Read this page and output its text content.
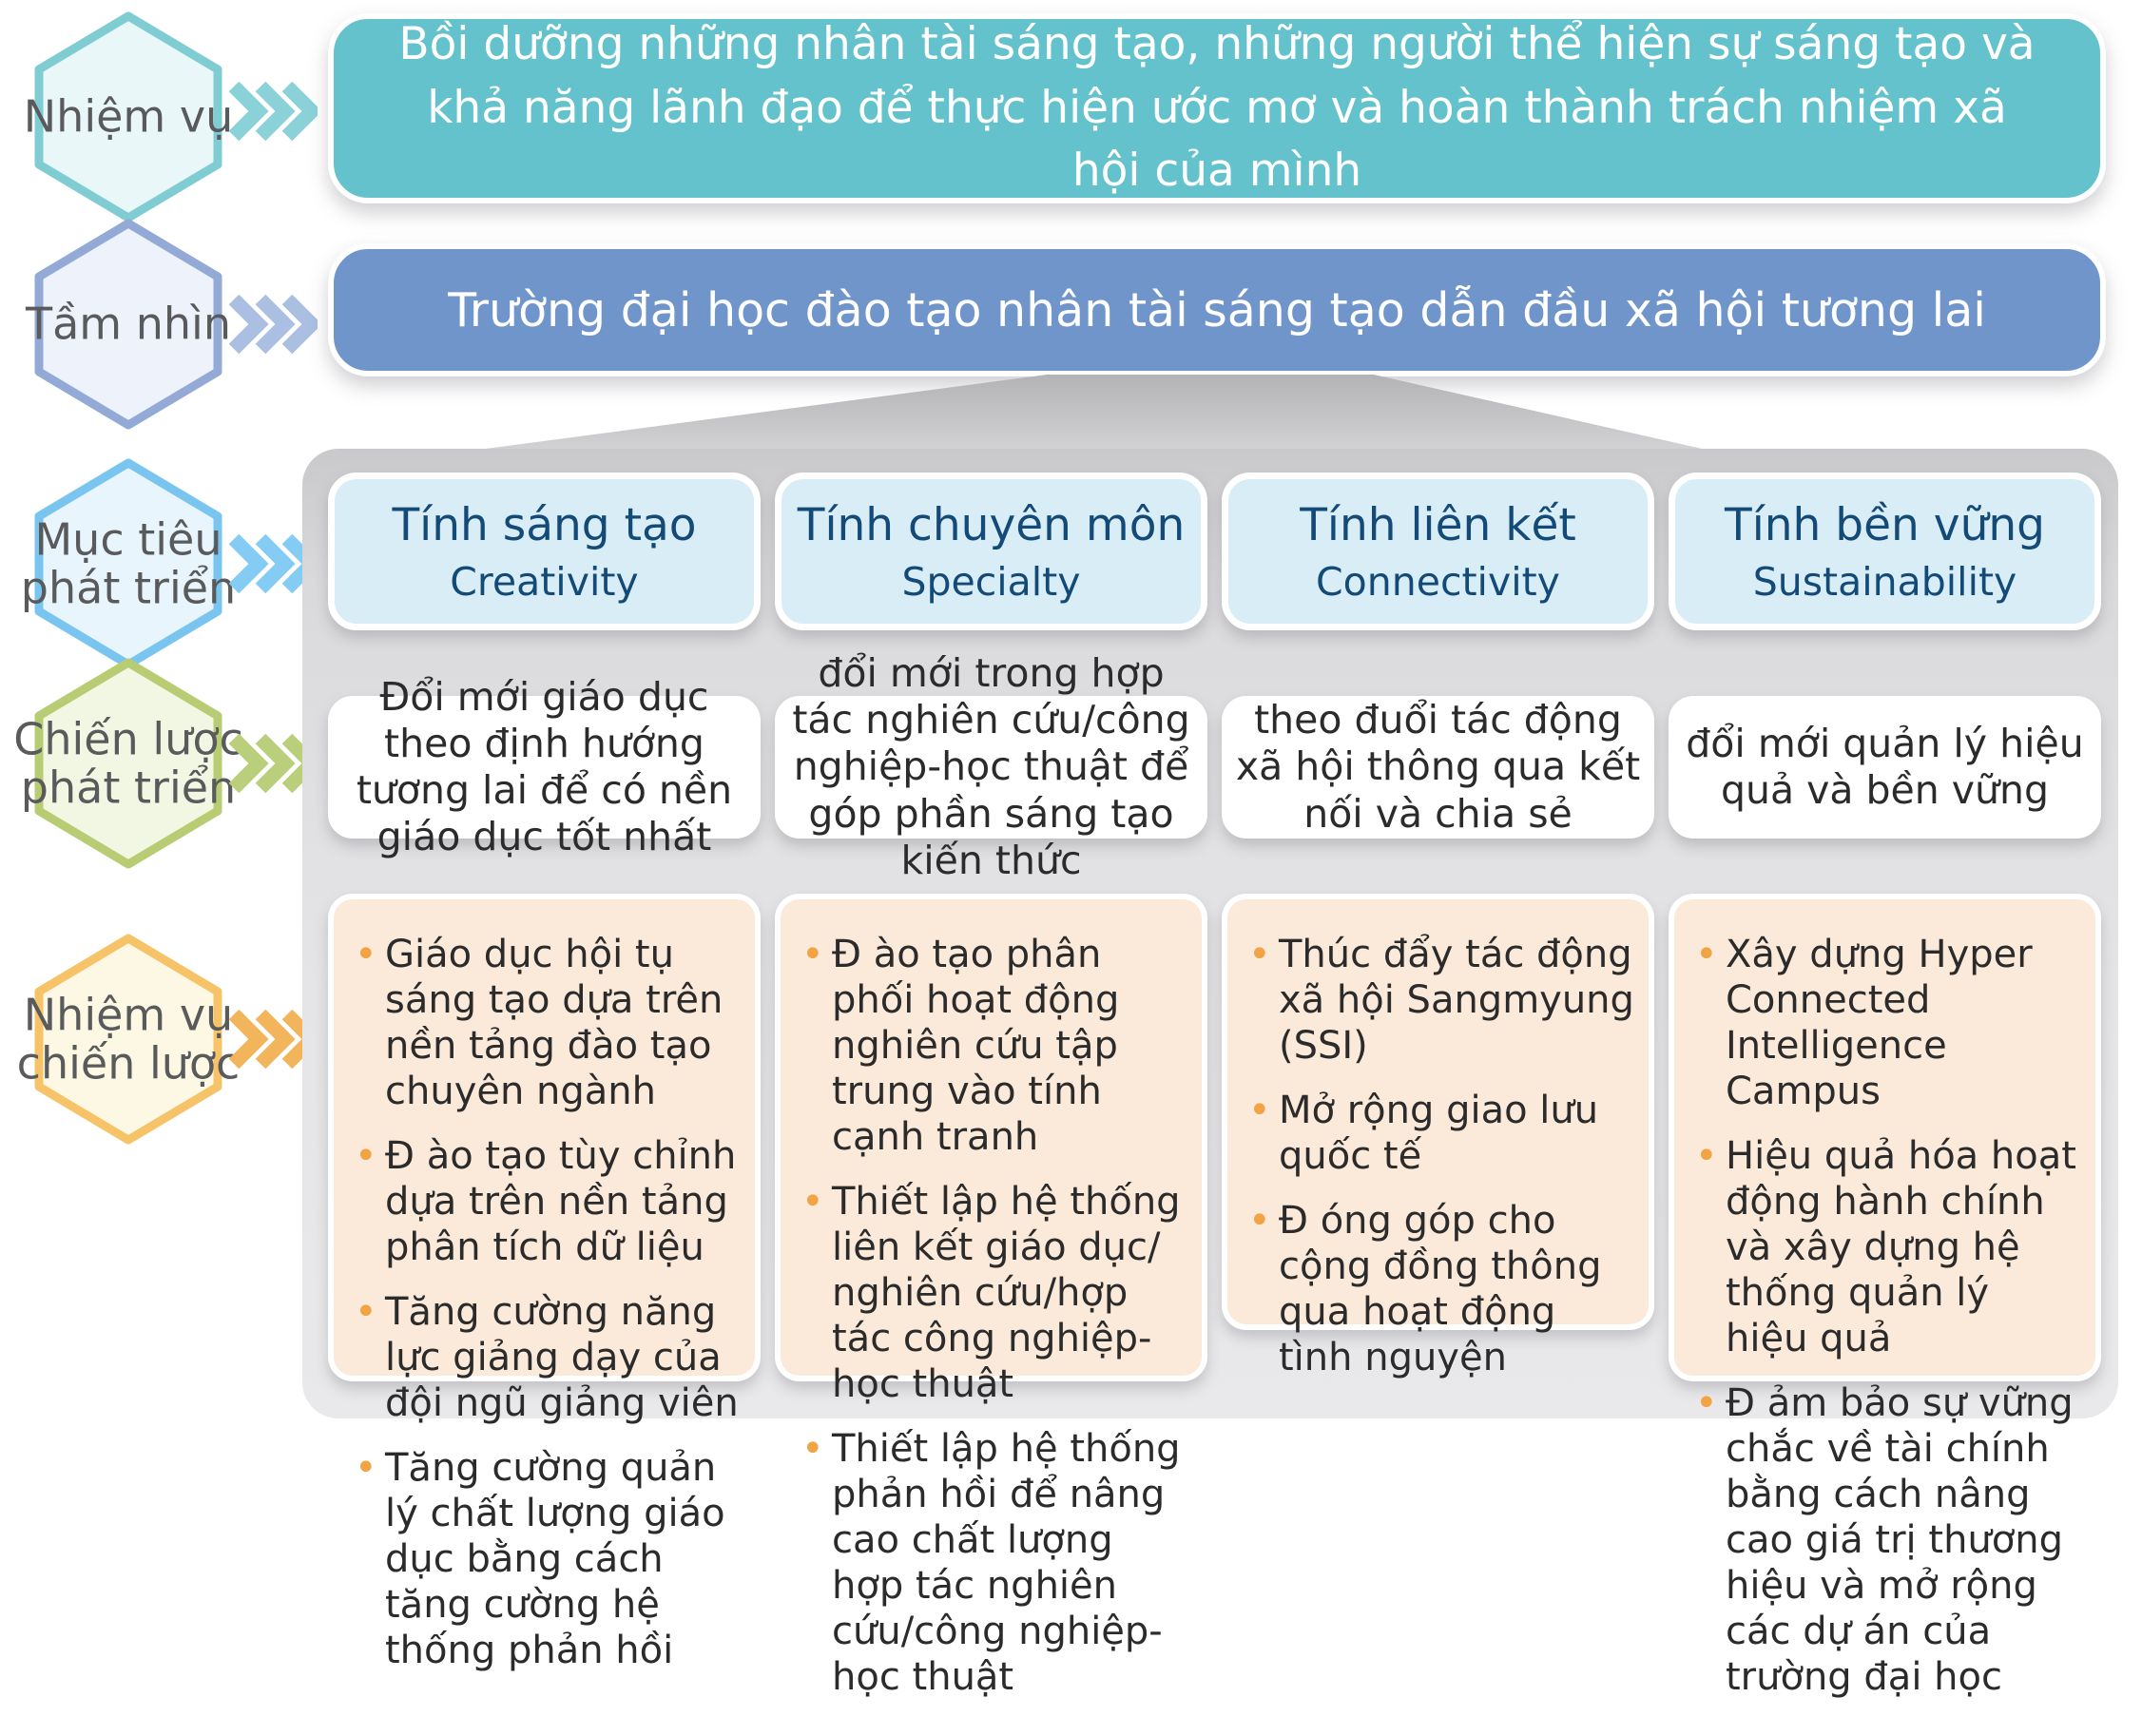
Nhiệm vụ
Tầm nhìn
Mục tiêu
phát triển
Chiến lược
phát triển
Nhiệm vụ
chiến lược
Bồi dưỡng những nhân tài sáng tạo, những người thể hiện sự sáng tạo và khả năng lãnh đạo để thực hiện ước mơ và hoàn thành trách nhiệm xã hội của mình
Trường đại học đào tạo nhân tài sáng tạo dẫn đầu xã hội tương lai
Tính sáng tạo
Creativity
Đổi mới giáo dục theo định hướng tương lai để có nền giáo dục tốt nhất
• Giáo dục hội tụ sáng tạo dựa trên nền tảng đào tạo chuyên ngành
• Đ ào tạo tùy chỉnh dựa trên nền tảng phân tích dữ liệu
• Tăng cường năng lực giảng dạy của đội ngũ giảng viên
• Tăng cường quản lý chất lượng giáo dục bằng cách tăng cường hệ thống phản hồi
Tính chuyên môn
Specialty
đổi mới trong hợp tác nghiên cứu/công nghiệp-học thuật để góp phần sáng tạo kiến thức
• Đ ào tạo phân phối hoạt động nghiên cứu tập trung vào tính cạnh tranh
• Thiết lập hệ thống liên kết giáo dục/ nghiên cứu/hợp tác công nghiệp-học thuật
• Thiết lập hệ thống phản hồi để nâng cao chất lượng hợp tác nghiên cứu/công nghiệp-học thuật
Tính liên kết
Connectivity
theo đuổi tác động xã hội thông qua kết nối và chia sẻ
• Thúc đẩy tác động xã hội Sangmyung (SSI)
• Mở rộng giao lưu quốc tế
• Đ óng góp cho cộng đồng thông qua hoạt động tình nguyện
Tính bền vững
Sustainability
đổi mới quản lý hiệu quả và bền vững
• Xây dựng Hyper Connected Intelligence Campus
• Hiệu quả hóa hoạt động hành chính và xây dựng hệ thống quản lý hiệu quả
• Đ ảm bảo sự vững chắc về tài chính bằng cách nâng cao giá trị thương hiệu và mở rộng các dự án của trường đại học
